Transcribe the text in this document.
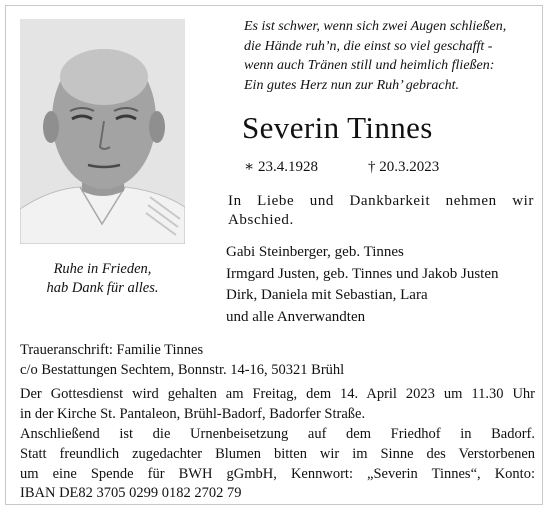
Ruhe in Frieden,
hab Dank für alles.
Es ist schwer, wenn sich zwei Augen schließen,
die Hände ruh’n, die einst so viel geschafft -
wenn auch Tränen still und heimlich fließen:
Ein gutes Herz nun zur Ruh’ gebracht.
Severin Tinnes
∗ 23.4.1928	† 20.3.2023
In Liebe und Dankbarkeit nehmen wir
Abschied.
Gabi Steinberger, geb. Tinnes
Irmgard Justen, geb. Tinnes und Jakob Justen
Dirk, Daniela mit Sebastian, Lara
und alle Anverwandten
Traueranschrift: Familie Tinnes
c/o Bestattungen Sechtem, Bonnstr. 14-16, 50321 Brühl
Der Gottesdienst wird gehalten am Freitag, dem 14. April 2023 um 11.30 Uhr
in der Kirche St. Pantaleon, Brühl-Badorf, Badorfer Straße.
Anschließend ist die Urnenbeisetzung auf dem Friedhof in Badorf.
Statt freundlich zugedachter Blumen bitten wir im Sinne des Verstorbenen
um eine Spende für BWH gGmbH, Kennwort: „Severin Tinnes“, Konto:
IBAN DE82 3705 0299 0182 2702 79
